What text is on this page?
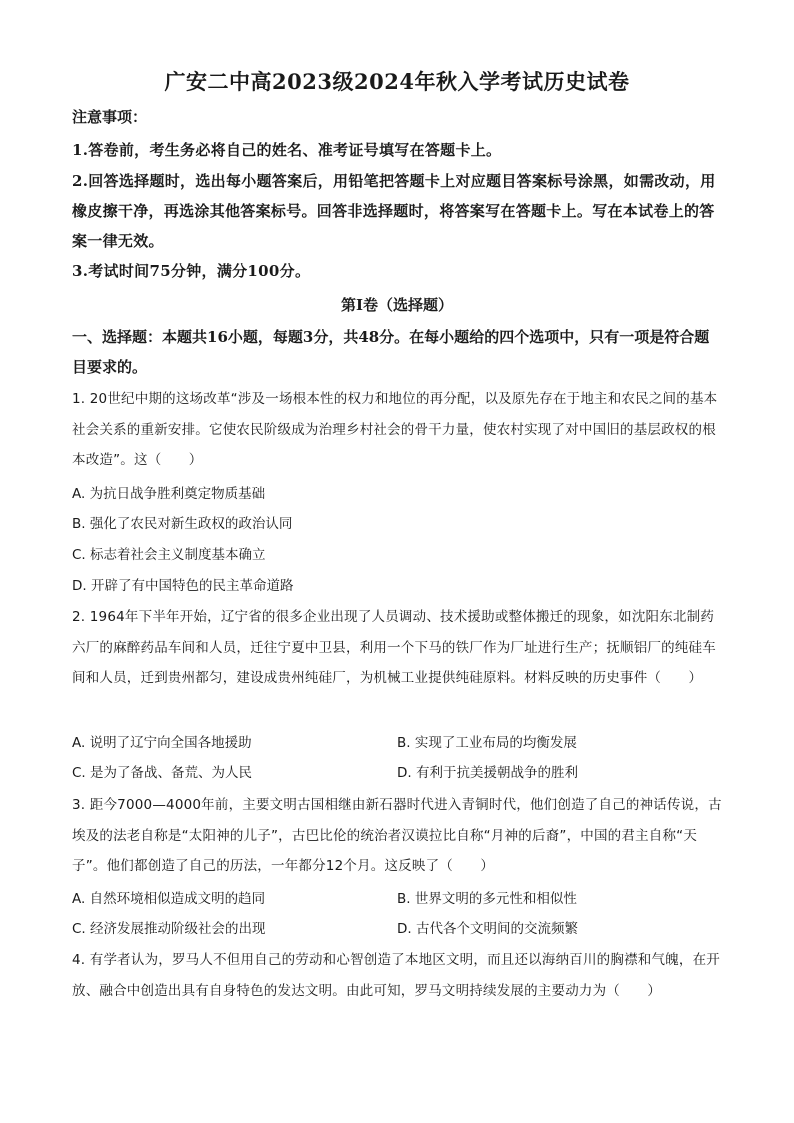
广安二中高2023级2024年秋入学考试历史试卷
注意事项：
1.答卷前，考生务必将自己的姓名、准考证号填写在答题卡上。
2.回答选择题时，选出每小题答案后，用铅笔把答题卡上对应题目答案标号涂黑，如需改动，用橡皮擦干净，再选涂其他答案标号。回答非选择题时，将答案写在答题卡上。写在本试卷上的答案一律无效。
3.考试时间75分钟，满分100分。
第Ⅰ卷（选择题）
一、选择题：本题共16小题，每题3分，共48分。在每小题给的四个选项中，只有一项是符合题目要求的。
1. 20世纪中期的这场改革“涉及一场根本性的权力和地位的再分配，以及原先存在于地主和农民之间的基本社会关系的重新安排。它使农民阶级成为治理乡村社会的骨干力量，使农村实现了对中国旧的基层政权的根本改造”。这（　　）
A. 为抗日战争胜利奠定物质基础
B. 强化了农民对新生政权的政治认同
C. 标志着社会主义制度基本确立
D. 开辟了有中国特色的民主革命道路
2. 1964年下半年开始，辽宁省的很多企业出现了人员调动、技术援助或整体搬迁的现象，如沈阳东北制药六厂的麻醉药品车间和人员，迁往宁夏中卫县，利用一个下马的铁厂作为厂址进行生产；抚顺铝厂的纯硅车间和人员，迁到贵州都匀，建设成贵州纯硅厂，为机械工业提供纯硅原料。材料反映的历史事件（　　）
A. 说明了辽宁向全国各地援助	B. 实现了工业布局的均衡发展
C. 是为了备战、备荒、为人民	D. 有利于抗美援朝战争的胜利
3. 距今7000—4000年前，主要文明古国相继由新石器时代进入青铜时代，他们创造了自己的神话传说，古埃及的法老自称是“太阳神的儿子”，古巴比伦的统治者汉谟拉比自称“月神的后裔”，中国的君主自称“天子”。他们都创造了自己的历法，一年都分12个月。这反映了（　　）
A. 自然环境相似造成文明的趋同	B. 世界文明的多元性和相似性
C. 经济发展推动阶级社会的出现	D. 古代各个文明间的交流频繁
4. 有学者认为，罗马人不但用自己的劳动和心智创造了本地区文明，而且还以海纳百川的胸襟和气魄，在开放、融合中创造出具有自身特色的发达文明。由此可知，罗马文明持续发展的主要动力为（　　）
